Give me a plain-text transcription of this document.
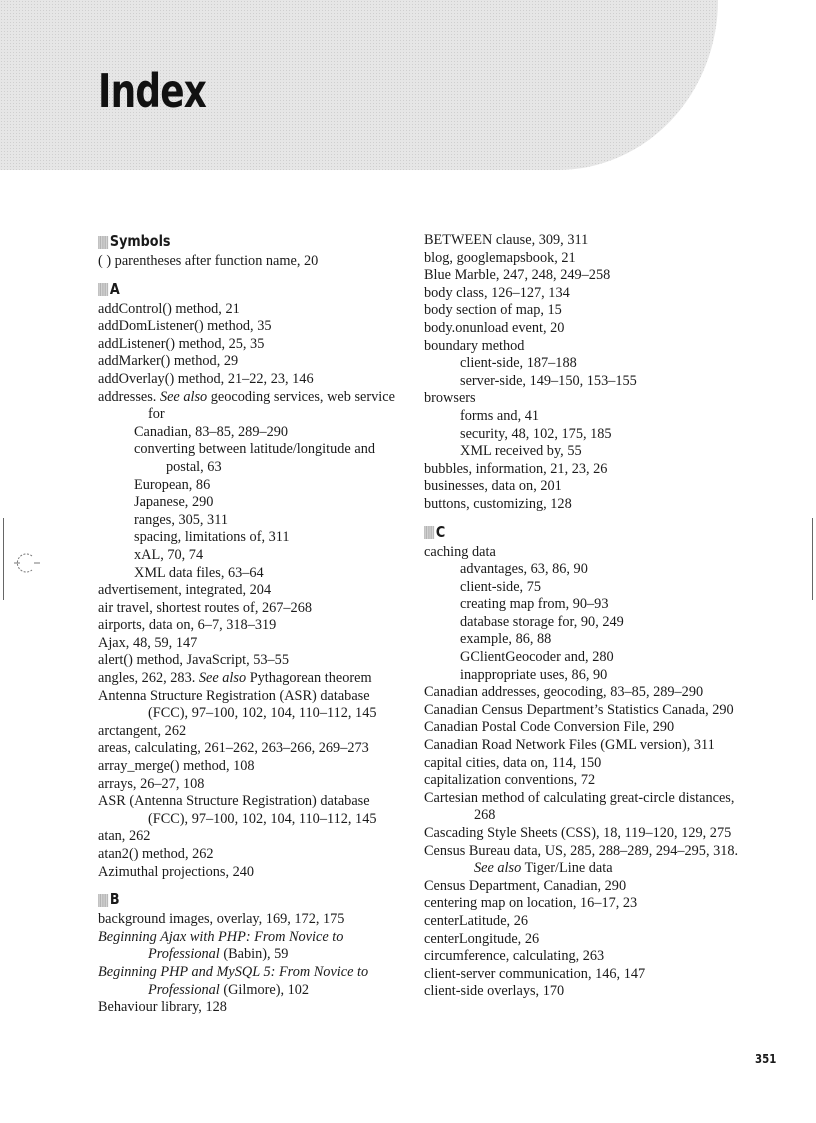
Index
Symbols
( ) parentheses after function name, 20
A
addControl() method, 21
addDomListener() method, 35
addListener() method, 25, 35
addMarker() method, 29
addOverlay() method, 21–22, 23, 146
addresses. See also geocoding services, web service for
Canadian, 83–85, 289–290
converting between latitude/longitude and postal, 63
European, 86
Japanese, 290
ranges, 305, 311
spacing, limitations of, 311
xAL, 70, 74
XML data files, 63–64
advertisement, integrated, 204
air travel, shortest routes of, 267–268
airports, data on, 6–7, 318–319
Ajax, 48, 59, 147
alert() method, JavaScript, 53–55
angles, 262, 283. See also Pythagorean theorem
Antenna Structure Registration (ASR) database (FCC), 97–100, 102, 104, 110–112, 145
arctangent, 262
areas, calculating, 261–262, 263–266, 269–273
array_merge() method, 108
arrays, 26–27, 108
ASR (Antenna Structure Registration) database (FCC), 97–100, 102, 104, 110–112, 145
atan, 262
atan2() method, 262
Azimuthal projections, 240
B
background images, overlay, 169, 172, 175
Beginning Ajax with PHP: From Novice to Professional (Babin), 59
Beginning PHP and MySQL 5: From Novice to Professional (Gilmore), 102
Behaviour library, 128
BETWEEN clause, 309, 311
blog, googlemapsbook, 21
Blue Marble, 247, 248, 249–258
body class, 126–127, 134
body section of map, 15
body.onunload event, 20
boundary method
client-side, 187–188
server-side, 149–150, 153–155
browsers
forms and, 41
security, 48, 102, 175, 185
XML received by, 55
bubbles, information, 21, 23, 26
businesses, data on, 201
buttons, customizing, 128
C
caching data
advantages, 63, 86, 90
client-side, 75
creating map from, 90–93
database storage for, 90, 249
example, 86, 88
GClientGeocoder and, 280
inappropriate uses, 86, 90
Canadian addresses, geocoding, 83–85, 289–290
Canadian Census Department’s Statistics Canada, 290
Canadian Postal Code Conversion File, 290
Canadian Road Network Files (GML version), 311
capital cities, data on, 114, 150
capitalization conventions, 72
Cartesian method of calculating great-circle distances, 268
Cascading Style Sheets (CSS), 18, 119–120, 129, 275
Census Bureau data, US, 285, 288–289, 294–295, 318. See also Tiger/Line data
Census Department, Canadian, 290
centering map on location, 16–17, 23
centerLatitude, 26
centerLongitude, 26
circumference, calculating, 263
client-server communication, 146, 147
client-side overlays, 170
351
